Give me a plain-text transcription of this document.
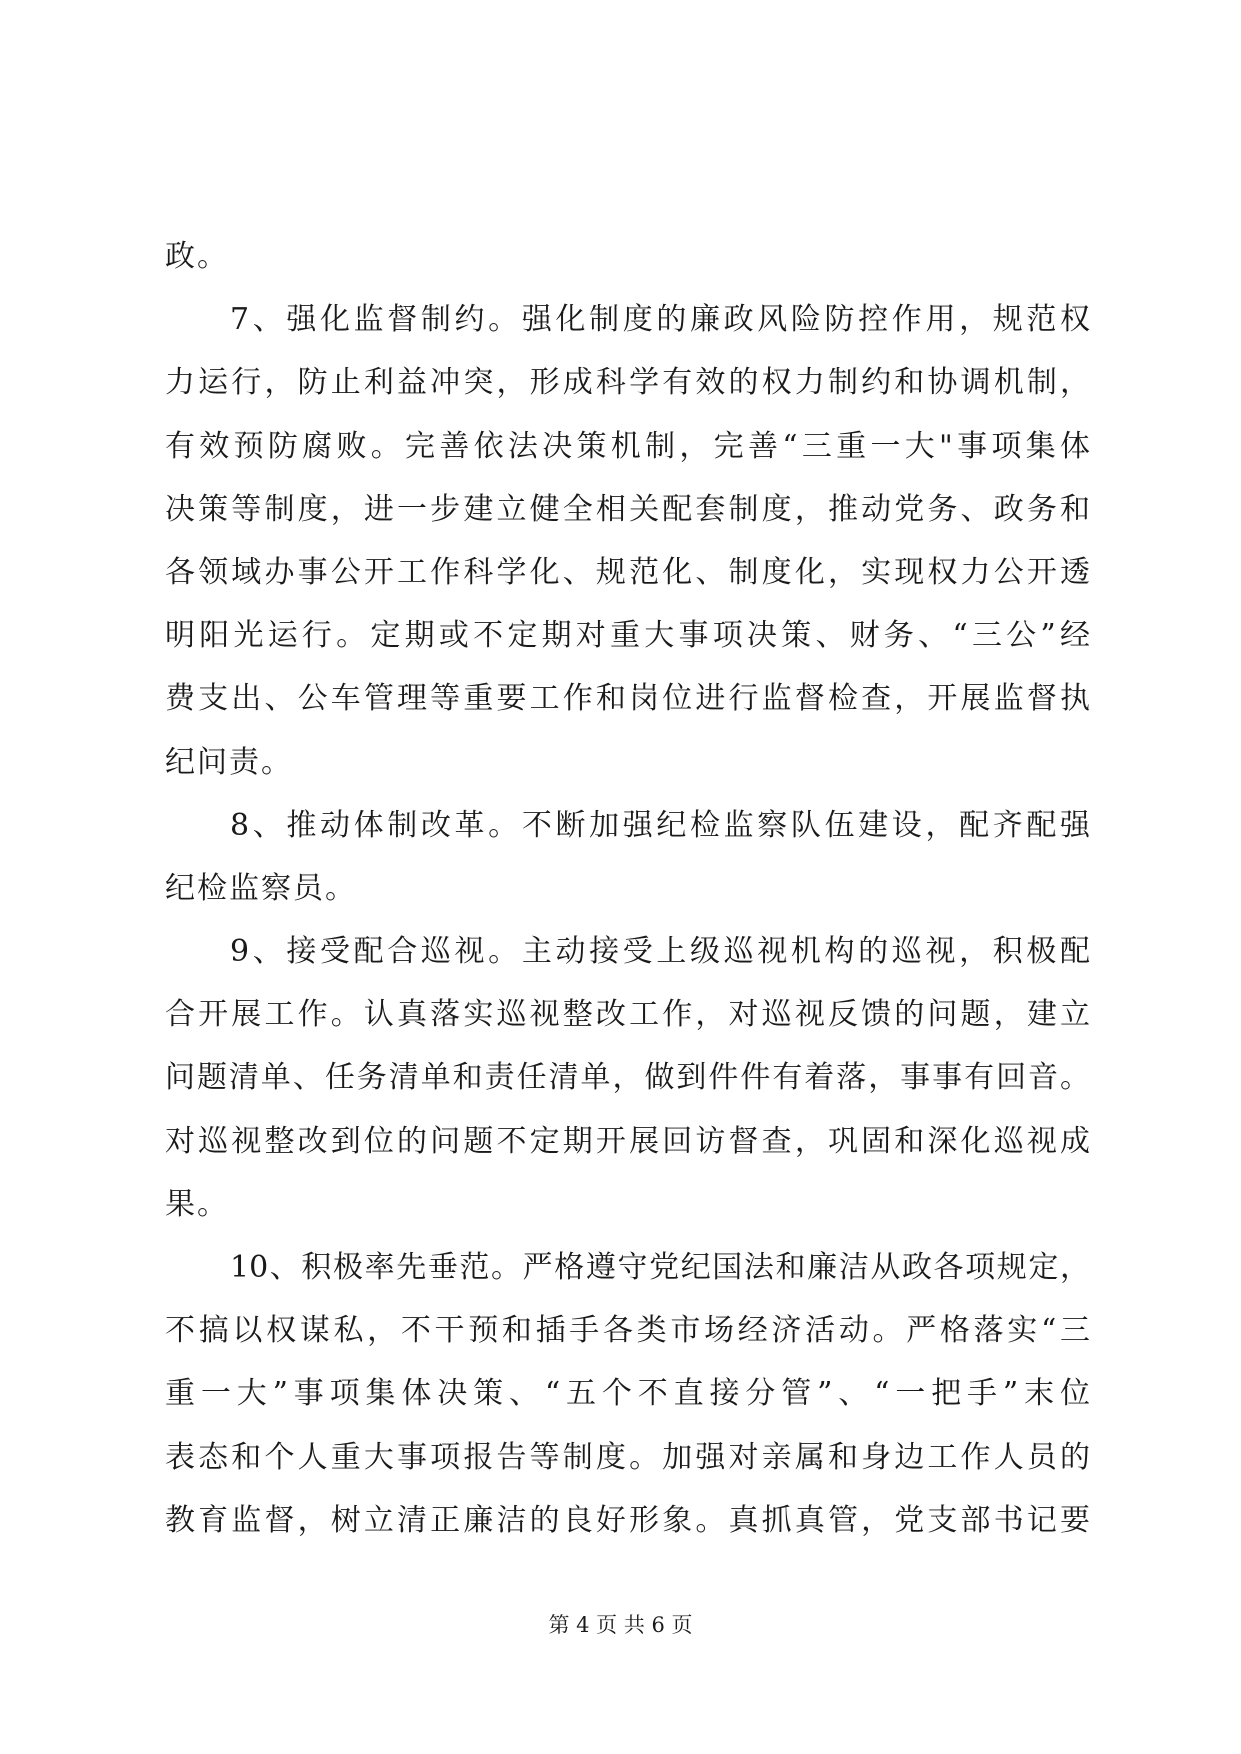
政。
7、强化监督制约。强化制度的廉政风险防控作用，规范权
力运行，防止利益冲突，形成科学有效的权力制约和协调机制，
有效预防腐败。完善依法决策机制，完善“三重一大"事项集体
决策等制度，进一步建立健全相关配套制度，推动党务、政务和
各领域办事公开工作科学化、规范化、制度化，实现权力公开透
明阳光运行。定期或不定期对重大事项决策、财务、“三公”经
费支出、公车管理等重要工作和岗位进行监督检查，开展监督执
纪问责。
8、推动体制改革。不断加强纪检监察队伍建设，配齐配强
纪检监察员。
9、接受配合巡视。主动接受上级巡视机构的巡视，积极配
合开展工作。认真落实巡视整改工作，对巡视反馈的问题，建立
问题清单、任务清单和责任清单，做到件件有着落，事事有回音。
对巡视整改到位的问题不定期开展回访督查，巩固和深化巡视成
果。
10、积极率先垂范。严格遵守党纪国法和廉洁从政各项规定，
不搞以权谋私，不干预和插手各类市场经济活动。严格落实“三
重一大”事项集体决策、“五个不直接分管”、“一把手”末位
表态和个人重大事项报告等制度。加强对亲属和身边工作人员的
教育监督，树立清正廉洁的良好形象。真抓真管，党支部书记要
第 4 页 共 6 页
